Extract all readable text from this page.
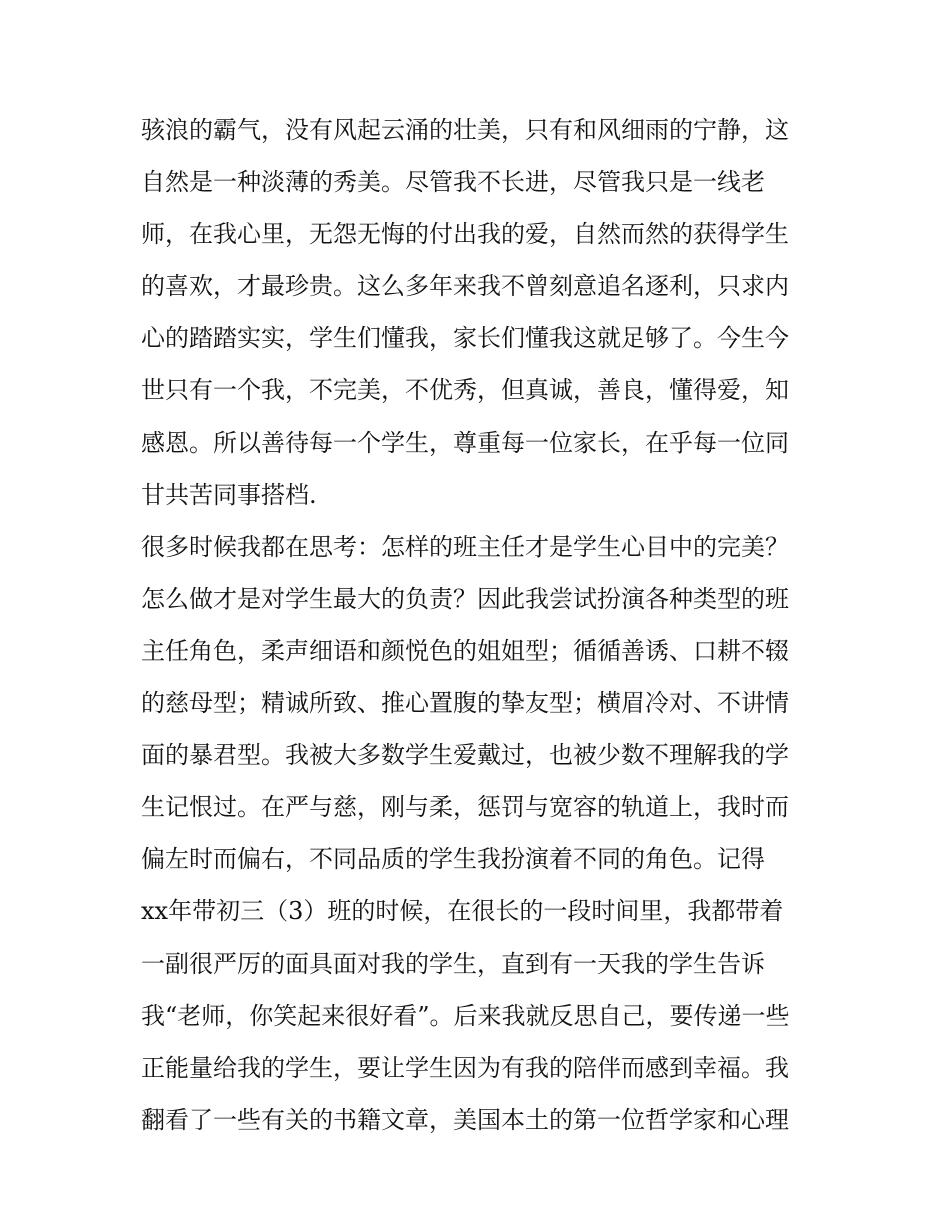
骇浪的霸气，没有风起云涌的壮美，只有和风细雨的宁静，这
自然是一种淡薄的秀美。尽管我不长进，尽管我只是一线老
师，在我心里，无怨无悔的付出我的爱，自然而然的获得学生
的喜欢，才最珍贵。这么多年来我不曾刻意追名逐利，只求内
心的踏踏实实，学生们懂我，家长们懂我这就足够了。今生今
世只有一个我，不完美，不优秀，但真诚，善良，懂得爱，知
感恩。所以善待每一个学生，尊重每一位家长，在乎每一位同
甘共苦同事搭档.
很多时候我都在思考：怎样的班主任才是学生心目中的完美？
怎么做才是对学生最大的负责？因此我尝试扮演各种类型的班
主任角色，柔声细语和颜悦色的姐姐型；循循善诱、口耕不辍
的慈母型；精诚所致、推心置腹的挚友型；横眉冷对、不讲情
面的暴君型。我被大多数学生爱戴过，也被少数不理解我的学
生记恨过。在严与慈，刚与柔，惩罚与宽容的轨道上，我时而
偏左时而偏右，不同品质的学生我扮演着不同的角色。记得
xx年带初三（3）班的时候，在很长的一段时间里，我都带着
一副很严厉的面具面对我的学生，直到有一天我的学生告诉
我“老师，你笑起来很好看”。后来我就反思自己，要传递一些
正能量给我的学生，要让学生因为有我的陪伴而感到幸福。我
翻看了一些有关的书籍文章，美国本土的第一位哲学家和心理
